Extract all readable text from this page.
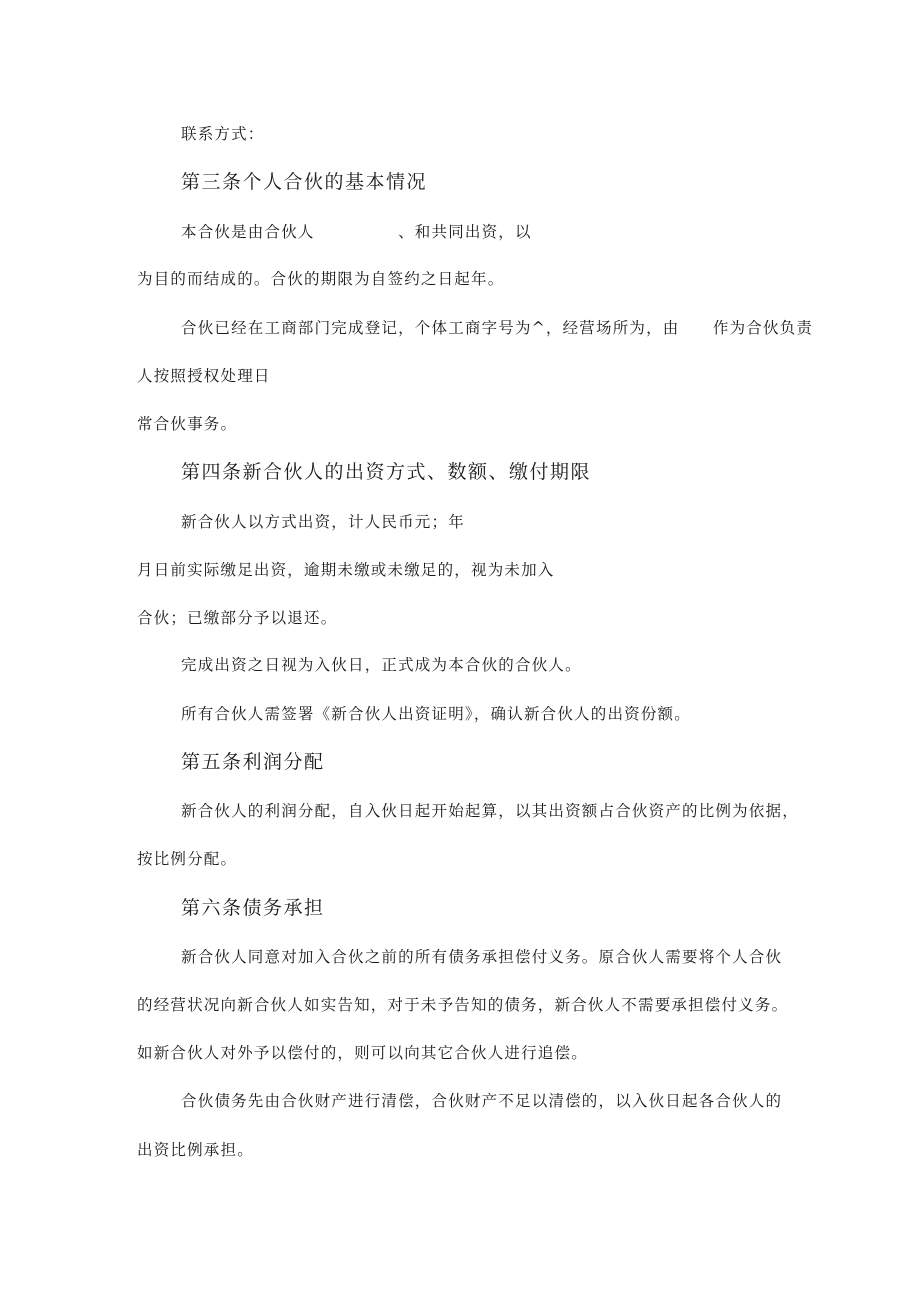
联系方式：
第三条个人合伙的基本情况
本合伙是由合伙人　　　　　、和共同出资，以
为目的而结成的。合伙的期限为自签约之日起年。
合伙已经在工商部门完成登记，个体工商字号为^，经营场所为，由　　作为合伙负责
人按照授权处理日
常合伙事务。
第四条新合伙人的出资方式、数额、缴付期限
新合伙人以方式出资，计人民币元；年
月日前实际缴足出资，逾期未缴或未缴足的，视为未加入
合伙；已缴部分予以退还。
完成出资之日视为入伙日，正式成为本合伙的合伙人。
所有合伙人需签署《新合伙人出资证明》，确认新合伙人的出资份额。
第五条利润分配
新合伙人的利润分配，自入伙日起开始起算，以其出资额占合伙资产的比例为依据，
按比例分配。
第六条债务承担
新合伙人同意对加入合伙之前的所有债务承担偿付义务。原合伙人需要将个人合伙
的经营状况向新合伙人如实告知，对于未予告知的债务，新合伙人不需要承担偿付义务。
如新合伙人对外予以偿付的，则可以向其它合伙人进行追偿。
合伙债务先由合伙财产进行清偿，合伙财产不足以清偿的，以入伙日起各合伙人的
出资比例承担。
